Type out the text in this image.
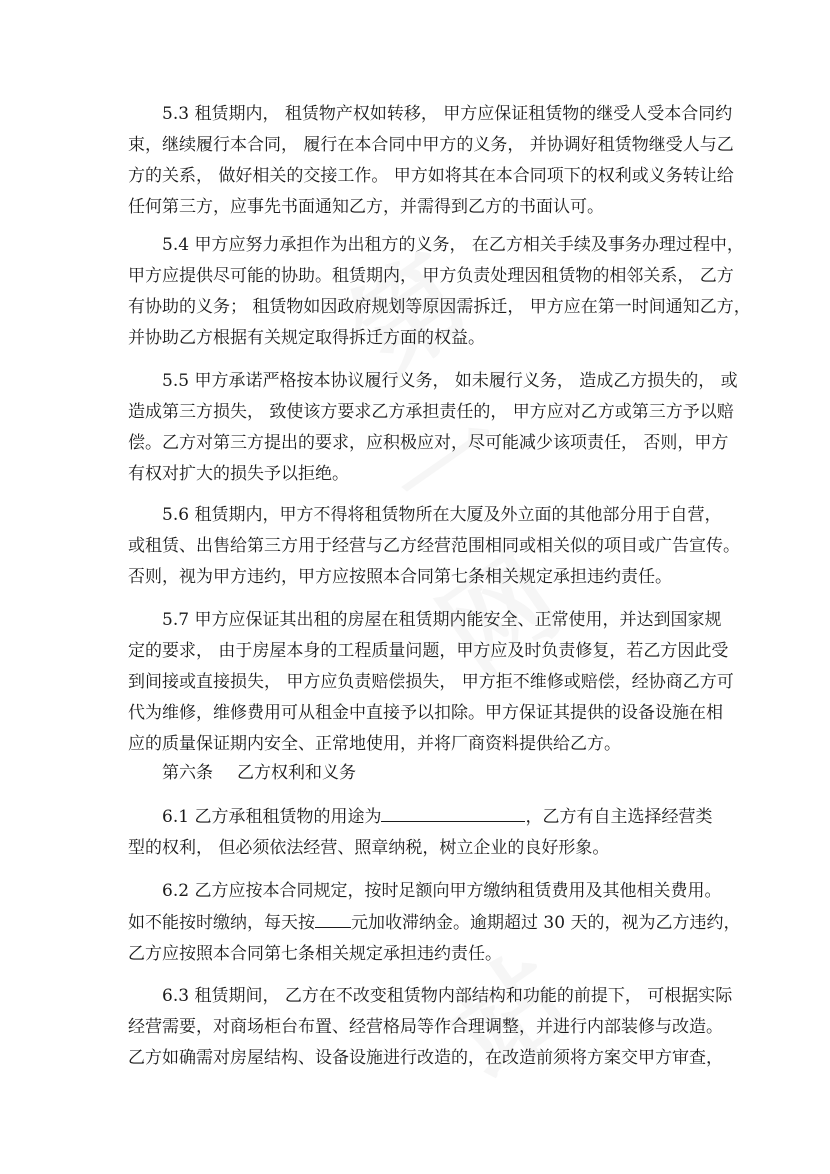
5.3 租赁期内， 租赁物产权如转移， 甲方应保证租赁物的继受人受本合同约
束，继续履行本合同， 履行在本合同中甲方的义务， 并协调好租赁物继受人与乙
方的关系， 做好相关的交接工作。 甲方如将其在本合同项下的权利或义务转让给
任何第三方，应事先书面通知乙方，并需得到乙方的书面认可。
5.4 甲方应努力承担作为出租方的义务， 在乙方相关手续及事务办理过程中，
甲方应提供尽可能的协助。租赁期内， 甲方负责处理因租赁物的相邻关系， 乙方
有协助的义务； 租赁物如因政府规划等原因需拆迁， 甲方应在第一时间通知乙方，
并协助乙方根据有关规定取得拆迁方面的权益。
5.5 甲方承诺严格按本协议履行义务， 如未履行义务， 造成乙方损失的， 或
造成第三方损失， 致使该方要求乙方承担责任的， 甲方应对乙方或第三方予以赔
偿。乙方对第三方提出的要求，应积极应对，尽可能减少该项责任， 否则，甲方
有权对扩大的损失予以拒绝。
5.6 租赁期内，甲方不得将租赁物所在大厦及外立面的其他部分用于自营，
或租赁、出售给第三方用于经营与乙方经营范围相同或相关似的项目或广告宣传。
否则，视为甲方违约，甲方应按照本合同第七条相关规定承担违约责任。
5.7 甲方应保证其出租的房屋在租赁期内能安全、正常使用，并达到国家规
定的要求， 由于房屋本身的工程质量问题，甲方应及时负责修复，若乙方因此受
到间接或直接损失， 甲方应负责赔偿损失， 甲方拒不维修或赔偿，经协商乙方可
代为维修，维修费用可从租金中直接予以扣除。甲方保证其提供的设备设施在相
应的质量保证期内安全、正常地使用，并将厂商资料提供给乙方。
第六条 乙方权利和义务
6.1 乙方承租租赁物的用途为	，乙方有自主选择经营类
型的权利， 但必须依法经营、照章纳税，树立企业的良好形象。
6.2 乙方应按本合同规定，按时足额向甲方缴纳租赁费用及其他相关费用。
如不能按时缴纳，每天按 元加收滞纳金。逾期超过 30 天的，视为乙方违约，
乙方应按照本合同第七条相关规定承担违约责任。
6.3 租赁期间， 乙方在不改变租赁物内部结构和功能的前提下， 可根据实际
经营需要，对商场柜台布置、经营格局等作合理调整，并进行内部装修与改造。
乙方如确需对房屋结构、设备设施进行改造的，在改造前须将方案交甲方审查，
